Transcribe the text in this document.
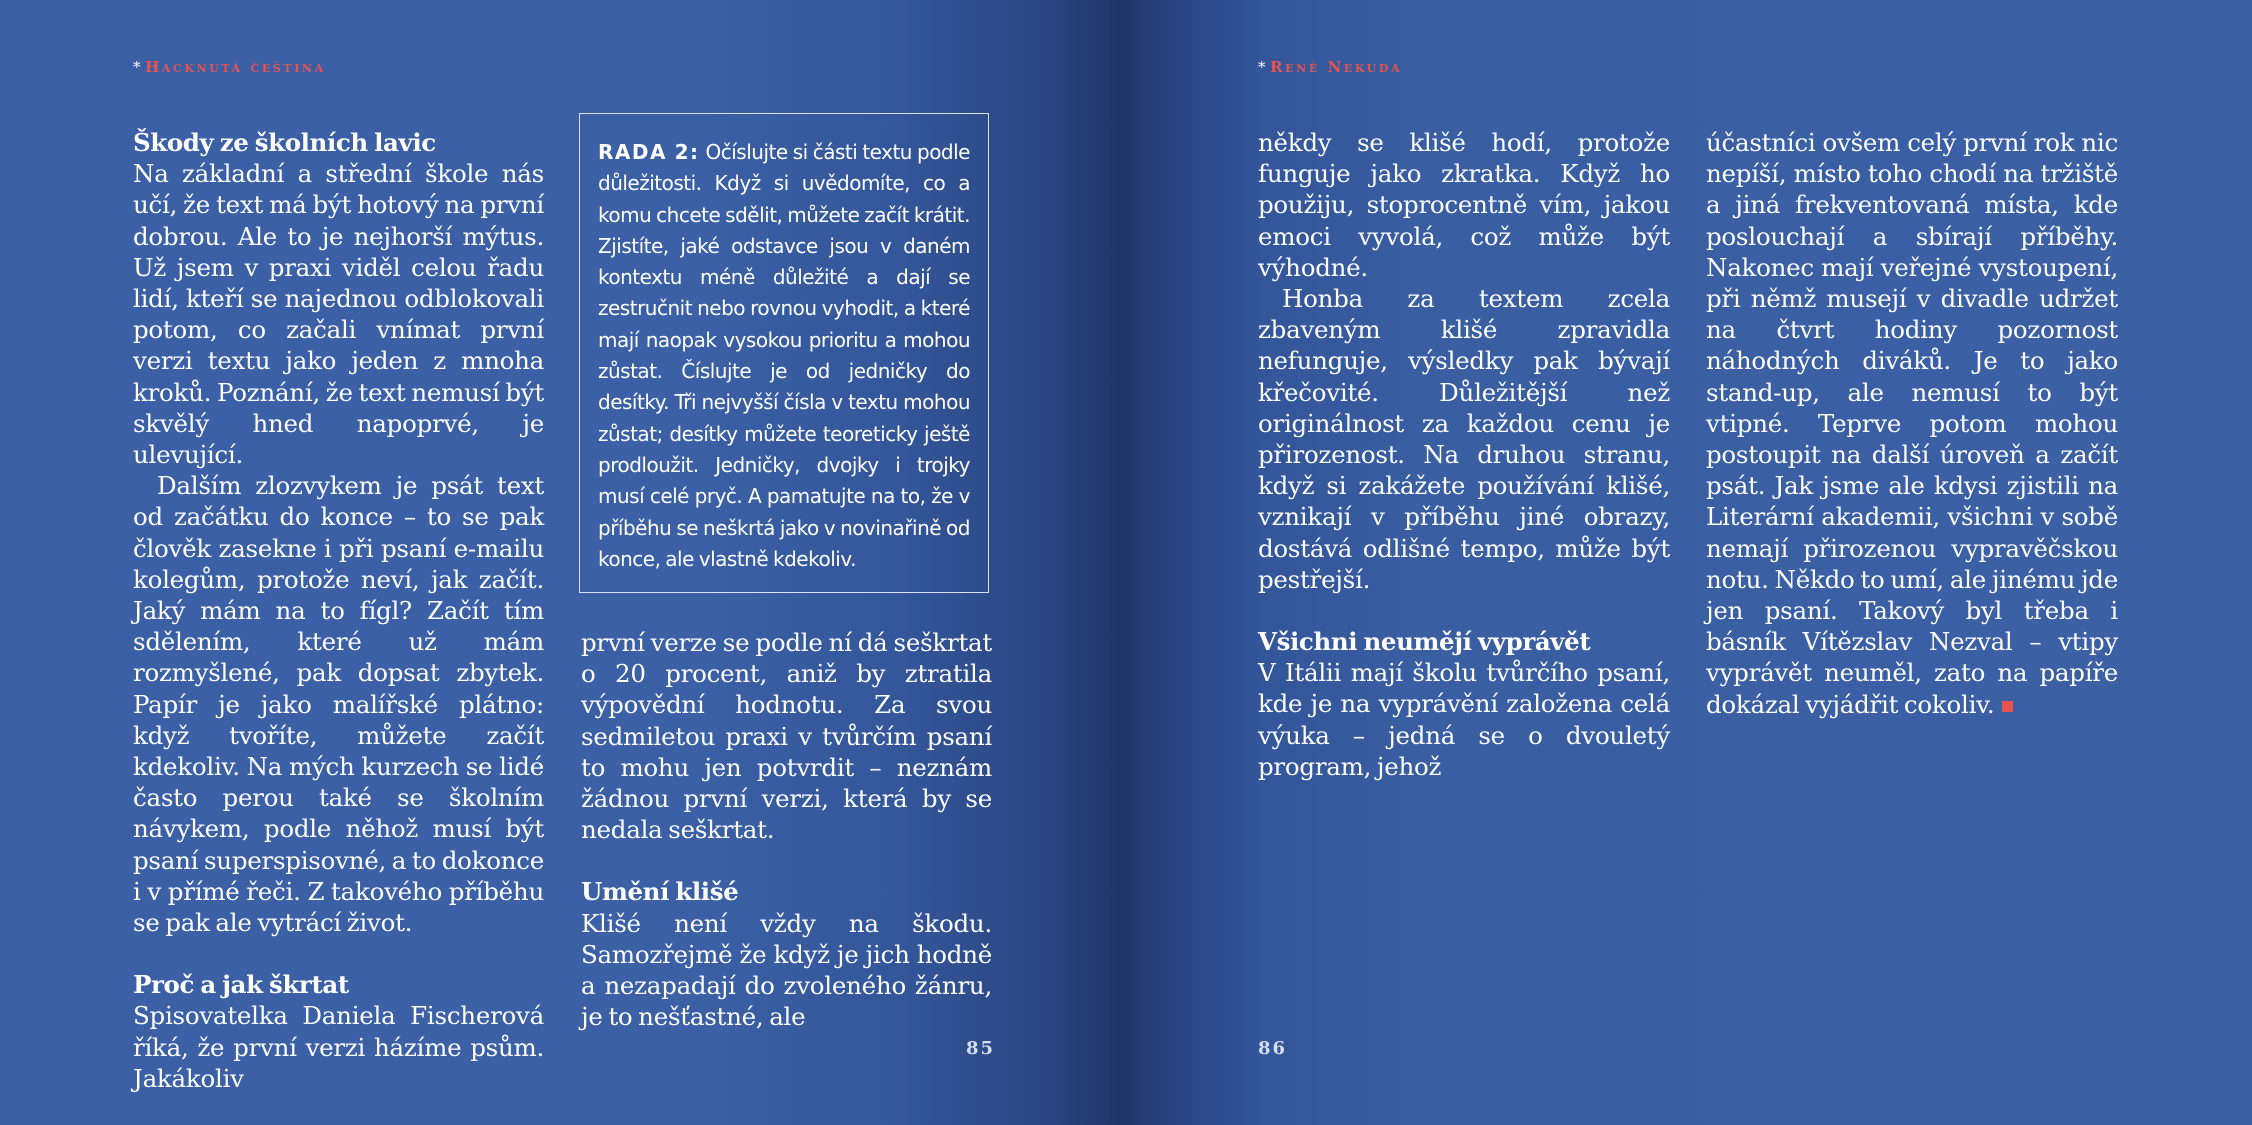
* Hacknutá čeština
Škody ze školních lavic

Na základní a střední škole nás učí, že text má být hotový na první dobrou. Ale to je nejhorší mýtus. Už jsem v praxi viděl celou řadu lidí, kteří se najednou odblokovali potom, co začali vnímat první verzi textu jako jeden z mnoha kroků. Poznání, že text nemusí být skvělý hned napoprvé, je ulevující.

Dalším zlozvykem je psát text od začátku do konce – to se pak člověk zasekne i při psaní e-mailu kolegům, protože neví, jak začít. Jaký mám na to fígl? Začít tím sdělením, které už mám rozmyšlené, pak dopsat zbytek. Papír je jako malířské plátno: když tvoříte, můžete začít kdekoliv. Na mých kurzech se lidé často perou také se školním návykem, podle něhož musí být psaní superspisovné, a to dokonce i v přímé řeči. Z takového příběhu se pak ale vytrácí život.

Proč a jak škrtat

Spisovatelka Daniela Fischerová říká, že první verzi házíme psům. Jakákoliv

RADA 2: Očíslujte si části textu podle důležitosti. Když si uvědomíte, co a komu chcete sdělit, můžete začít krátit. Zjistíte, jaké odstavce jsou v daném kontextu méně důležité a dají se zestručnit nebo rovnou vyhodit, a které mají naopak vysokou prioritu a mohou zůstat. Číslujte je od jedničky do desítky. Tři nejvyšší čísla v textu mohou zůstat; desítky můžete teoreticky ještě prodloužit. Jedničky, dvojky i trojky musí celé pryč. A pamatujte na to, že v příběhu se neškrtá jako v novinařině od konce, ale vlastně kdekoliv.

první verze se podle ní dá seškrtat o 20 procent, aniž by ztratila výpovědní hodnotu. Za svou sedmiletou praxi v tvůrčím psaní to mohu jen potvrdit – neznám žádnou první verzi, která by se nedala seškrtat.

Umění klišé

Klišé není vždy na škodu. Samozřejmě že když je jich hodně a nezapadají do zvoleného žánru, je to nešťastné, ale

85
* René Nekuda

někdy se klišé hodí, protože funguje jako zkratka. Když ho použiju, stoprocentně vím, jakou emoci vyvolá, což může být výhodné.

Honba za textem zcela zbaveným klišé zpravidla nefunguje, výsledky pak bývají křečovité. Důležitější než originálnost za každou cenu je přirozenost. Na druhou stranu, když si zakážete používání klišé, vznikají v příběhu jiné obrazy, dostává odlišné tempo, může být pestřejší.

Všichni neumějí vyprávět

V Itálii mají školu tvůrčího psaní, kde je na vyprávění založena celá výuka – jedná se o dvouletý program, jehož

účastníci ovšem celý první rok nic nepíší, místo toho chodí na tržiště a jiná frekventovaná místa, kde poslouchají a sbírají příběhy. Nakonec mají veřejné vystoupení, při němž musejí v divadle udržet na čtvrt hodiny pozornost náhodných diváků. Je to jako stand-up, ale nemusí to být vtipné. Teprve potom mohou postoupit na další úroveň a začít psát. Jak jsme ale kdysi zjistili na Literární akademii, všichni v sobě nemají přirozenou vypravěčskou notu. Někdo to umí, ale jinému jde jen psaní. Takový byl třeba i básník Vítězslav Nezval – vtipy vyprávět neuměl, zato na papíře dokázal vyjádřit cokoliv.

86
